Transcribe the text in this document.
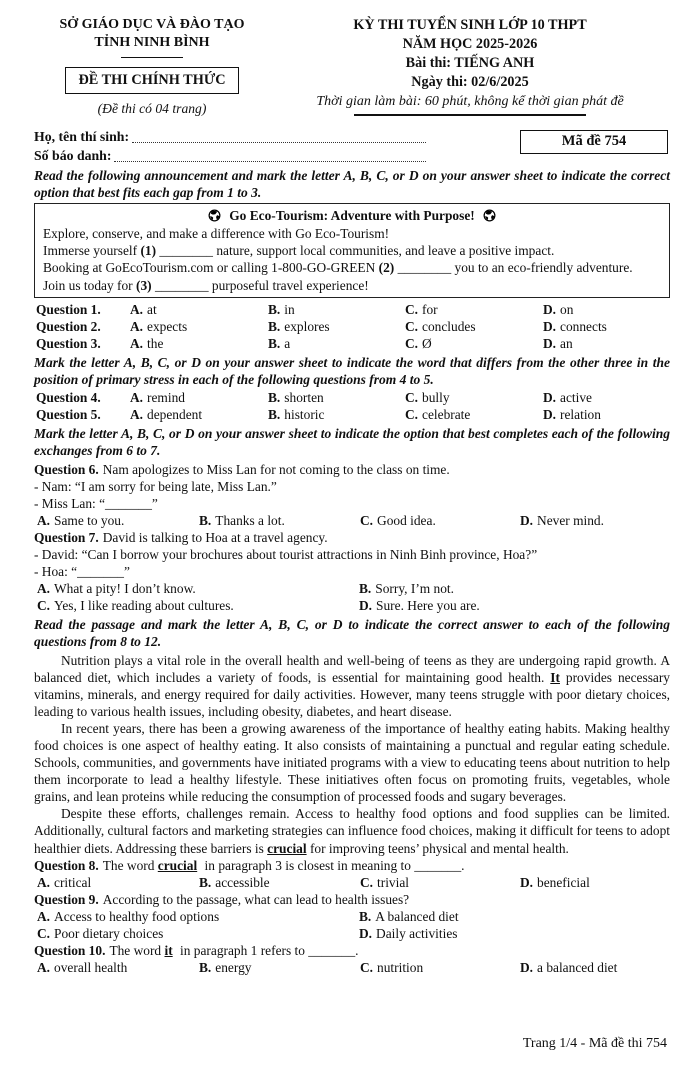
SỞ GIÁO DỤC VÀ ĐÀO TẠO
TỈNH NINH BÌNH
ĐỀ THI CHÍNH THỨC
(Đề thi có 04 trang)
KỲ THI TUYỂN SINH LỚP 10 THPT
NĂM HỌC 2025-2026
Bài thi: TIẾNG ANH
Ngày thi: 02/6/2025
Thời gian làm bài: 60 phút, không kể thời gian phát đề
Họ, tên thí sinh:
Số báo danh:
Mã đề 754

Read the following announcement and mark the letter A, B, C, or D on your answer sheet to indicate the correct option that best fits each gap from 1 to 3.

Go Eco-Tourism: Adventure with Purpose!
Explore, conserve, and make a difference with Go Eco-Tourism!
Immerse yourself (1) ________ nature, support local communities, and leave a positive impact.
Booking at GoEcoTourism.com or calling 1-800-GO-GREEN (2) ________ you to an eco-friendly adventure.
Join us today for (3) ________ purposeful travel experience!
Question 1.	A. at	B. in	C. for	D. on
Question 2.	A. expects	B. explores	C. concludes	D. connects
Question 3.	A. the	B. a	C. Ø	D. an

Mark the letter A, B, C, or D on your answer sheet to indicate the word that differs from the other three in the position of primary stress in each of the following questions from 4 to 5.

Question 4.	A. remind	B. shorten	C. bully	D. active
Question 5.	A. dependent	B. historic	C. celebrate	D. relation

Mark the letter A, B, C, or D on your answer sheet to indicate the option that best completes each of the following exchanges from 6 to 7.

Question 6. Nam apologizes to Miss Lan for not coming to the class on time.

- Nam: “I am sorry for being late, Miss Lan.”

- Miss Lan: “_______”

A. Same to you.	B. Thanks a lot.	C. Good idea.	D. Never mind.

Question 7. David is talking to Hoa at a travel agency.

- David: “Can I borrow your brochures about tourist attractions in Ninh Binh province, Hoa?”

- Hoa: “_______”

A. What a pity! I don’t know.	B. Sorry, I’m not.
C. Yes, I like reading about cultures.	D. Sure. Here you are.

Read the passage and mark the letter A, B, C, or D to indicate the correct answer to each of the following questions from 8 to 12.

Nutrition plays a vital role in the overall health and well-being of teens as they are undergoing rapid growth. A balanced diet, which includes a variety of foods, is essential for maintaining good health. It provides necessary vitamins, minerals, and energy required for daily activities. However, many teens struggle with poor dietary choices, leading to various health issues, including obesity, diabetes, and heart disease.

In recent years, there has been a growing awareness of the importance of healthy eating habits. Making healthy food choices is one aspect of healthy eating. It also consists of maintaining a punctual and regular eating schedule. Schools, communities, and governments have initiated programs with a view to educating teens about nutrition to help them incorporate to lead a healthy lifestyle. These initiatives often focus on promoting fruits, vegetables, whole grains, and lean proteins while reducing the consumption of processed foods and sugary beverages.

Despite these efforts, challenges remain. Access to healthy food options and food supplies can be limited. Additionally, cultural factors and marketing strategies can influence food choices, making it difficult for teens to adopt healthier diets. Addressing these barriers is crucial for improving teens’ physical and mental health.

Question 8. The word crucial in paragraph 3 is closest in meaning to _______.

A. critical	B. accessible	C. trivial	D. beneficial

Question 9. According to the passage, what can lead to health issues?

A. Access to healthy food options	B. A balanced diet
C. Poor dietary choices	D. Daily activities

Question 10. The word it in paragraph 1 refers to _______.

A. overall health	B. energy	C. nutrition	D. a balanced diet
Trang 1/4 - Mã đề thi 754
